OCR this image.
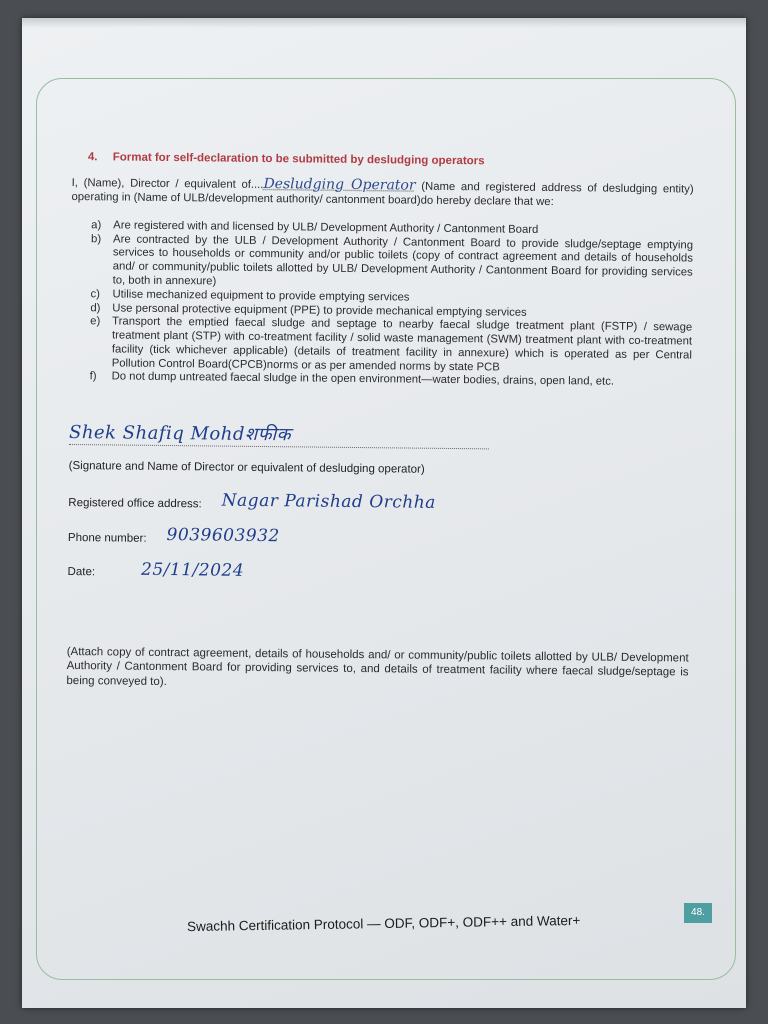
4. Format for self-declaration to be submitted by desludging operators

I, (Name), Director / equivalent of....Desludging Operator (Name and registered address of desludging entity) operating in (Name of ULB/development authority/ cantonment board)do hereby declare that we:

a) Are registered with and licensed by ULB/ Development Authority / Cantonment Board
b) Are contracted by the ULB / Development Authority / Cantonment Board to provide sludge/septage emptying services to households or community and/or public toilets (copy of contract agreement and details of households and/ or community/public toilets allotted by ULB/ Development Authority / Cantonment Board for providing services to, both in annexure)
c) Utilise mechanized equipment to provide emptying services
d) Use personal protective equipment (PPE) to provide mechanical emptying services
e) Transport the emptied faecal sludge and septage to nearby faecal sludge treatment plant (FSTP) / sewage treatment plant (STP) with co-treatment facility / solid waste management (SWM) treatment plant with co-treatment facility (tick whichever applicable) (details of treatment facility in annexure) which is operated as per Central Pollution Control Board(CPCB)norms or as per amended norms by state PCB
f) Do not dump untreated faecal sludge in the open environment—water bodies, drains, open land, etc.
Shek Shafiq Mohd शफीक
(Signature and Name of Director or equivalent of desludging operator)
Registered office address: Nagar Parishad Orchha
Phone number: 9039603932
Date:	25/11/2024

(Attach copy of contract agreement, details of households and/ or community/public toilets allotted by ULB/ Development Authority / Cantonment Board for providing services to, and details of treatment facility where faecal sludge/septage is being conveyed to).

Swachh Certification Protocol — ODF, ODF+, ODF++ and Water+
48.
